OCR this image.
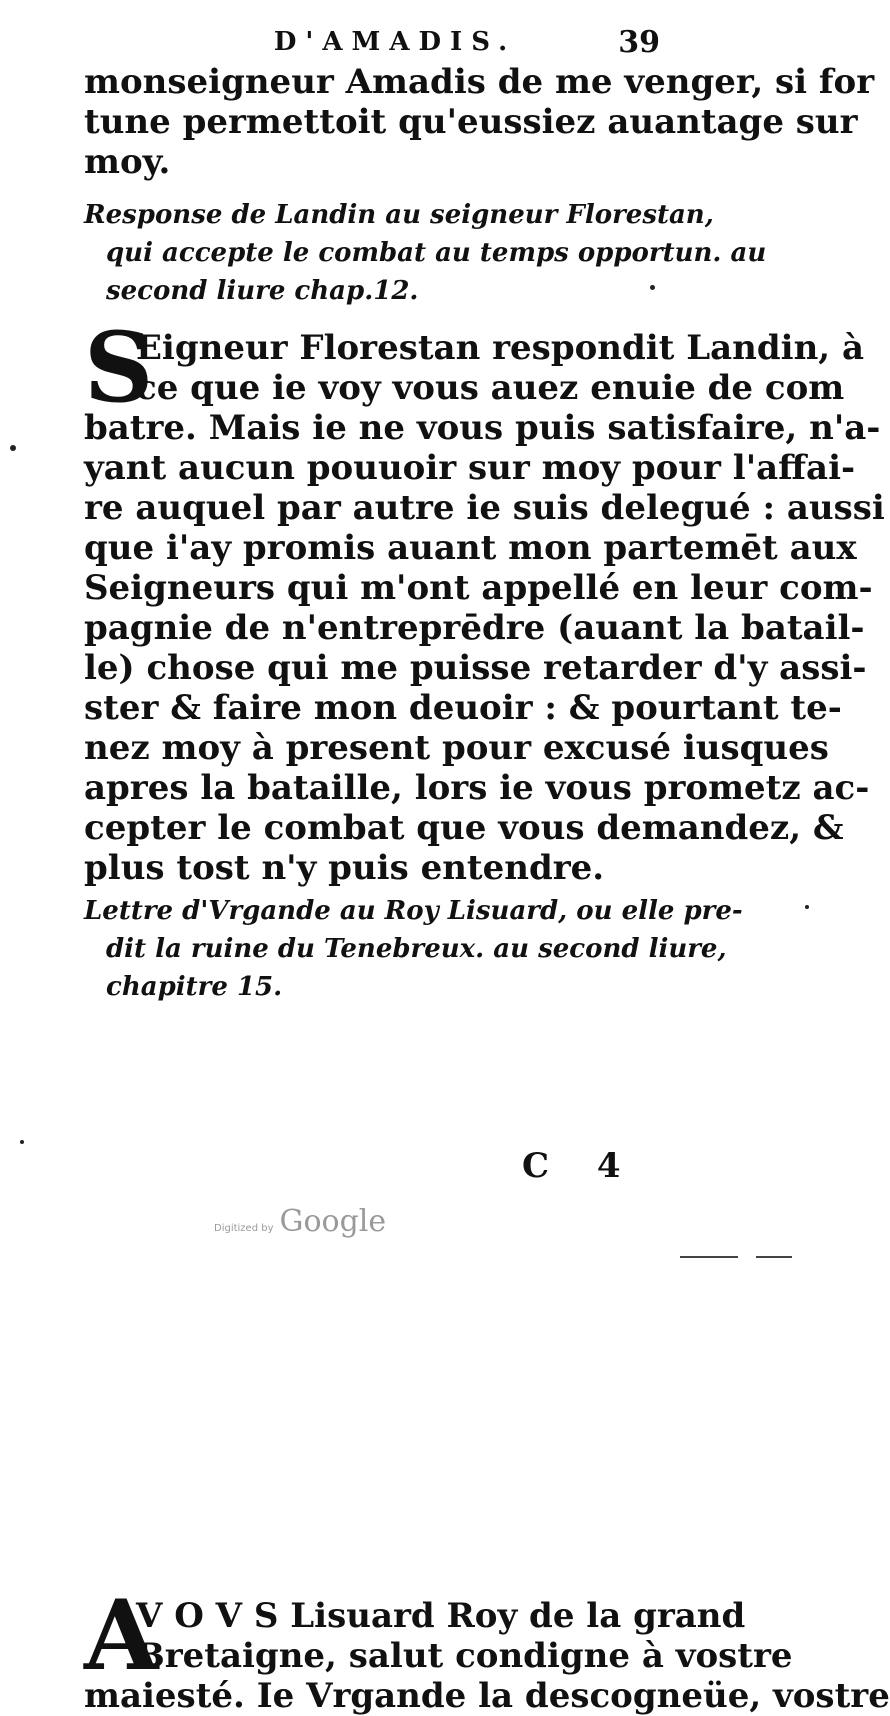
D'AMADIS.	39

monseigneur Amadis de me venger, si for

tune permettoit qu'eussiez auantage sur

moy.

Response de Landin au seigneur Florestan,

qui accepte le combat au temps opportun. au

second liure chap.12.

S

Eigneur Florestan respondit Landin, à

ce que ie voy vous auez enuie de com

batre. Mais ie ne vous puis satisfaire, n'a-

yant aucun pouuoir sur moy pour l'affai-

re auquel par autre ie suis delegué : aussi

que i'ay promis auant mon partemēt aux

Seigneurs qui m'ont appellé en leur com-

pagnie de n'entreprēdre (auant la batail-

le) chose qui me puisse retarder d'y assi-

ster & faire mon deuoir : & pourtant te-

nez moy à present pour excusé iusques

apres la bataille, lors ie vous prometz ac-

cepter le combat que vous demandez, &

plus tost n'y puis entendre.

Lettre d'Vrgande au Roy Lisuard, ou elle pre-

dit la ruine du Tenebreux. au second liure,

chapitre 15.

A

V O V S Lisuard Roy de la grand

Bretaigne, salut condigne à vostre

maiesté. Ie Vrgande la descogneüe, vostre

C 4
Digitized by Google
